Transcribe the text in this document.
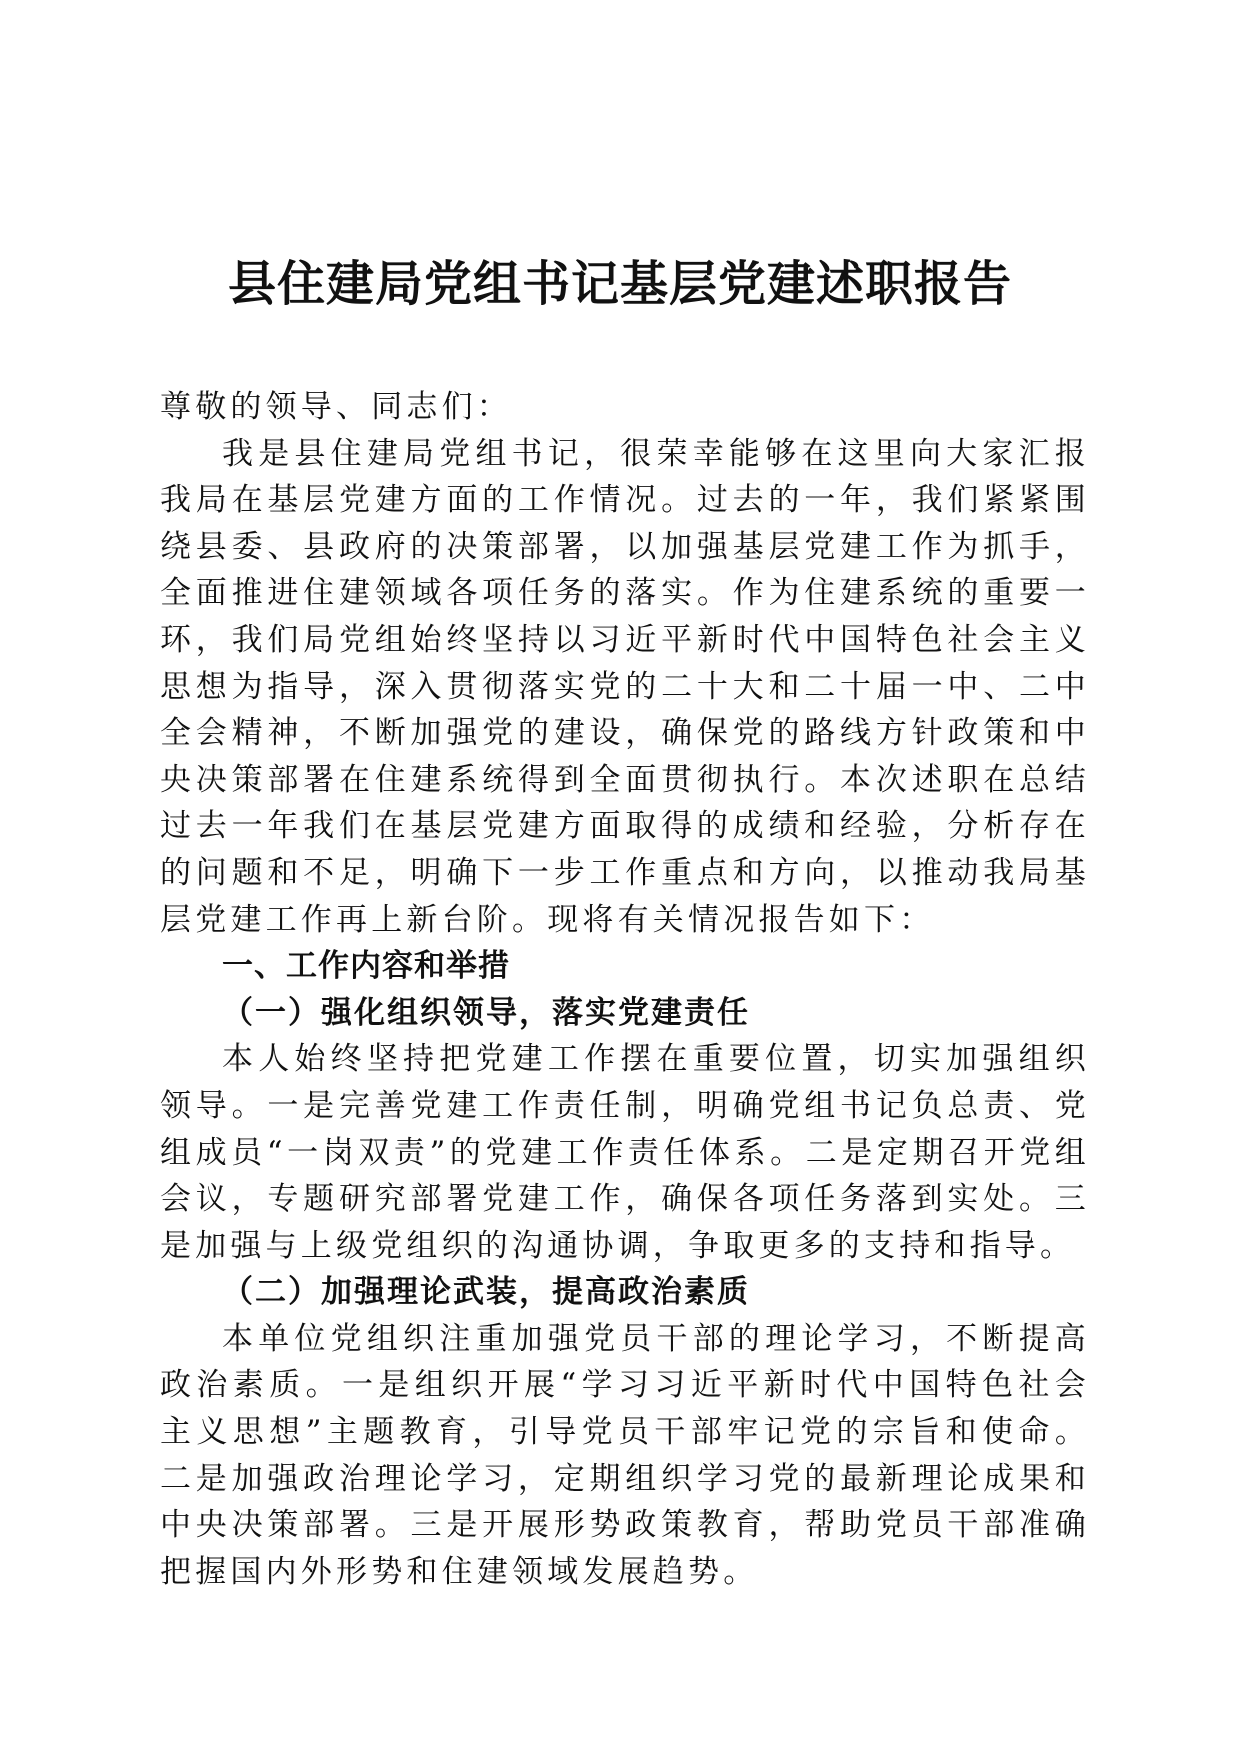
县住建局党组书记基层党建述职报告

尊敬的领导、同志们：

我是县住建局党组书记，很荣幸能够在这里向大家汇报我局在基层党建方面的工作情况。过去的一年，我们紧紧围绕县委、县政府的决策部署，以加强基层党建工作为抓手，全面推进住建领域各项任务的落实。作为住建系统的重要一环，我们局党组始终坚持以习近平新时代中国特色社会主义思想为指导，深入贯彻落实党的二十大和二十届一中、二中全会精神，不断加强党的建设，确保党的路线方针政策和中央决策部署在住建系统得到全面贯彻执行。本次述职在总结过去一年我们在基层党建方面取得的成绩和经验，分析存在的问题和不足，明确下一步工作重点和方向，以推动我局基层党建工作再上新台阶。现将有关情况报告如下：

一、工作内容和举措

（一）强化组织领导，落实党建责任

本人始终坚持把党建工作摆在重要位置，切实加强组织领导。一是完善党建工作责任制，明确党组书记负总责、党组成员“一岗双责”的党建工作责任体系。二是定期召开党组会议，专题研究部署党建工作，确保各项任务落到实处。三是加强与上级党组织的沟通协调，争取更多的支持和指导。

（二）加强理论武装，提高政治素质

本单位党组织注重加强党员干部的理论学习，不断提高政治素质。一是组织开展“学习习近平新时代中国特色社会主义思想”主题教育，引导党员干部牢记党的宗旨和使命。二是加强政治理论学习，定期组织学习党的最新理论成果和中央决策部署。三是开展形势政策教育，帮助党员干部准确把握国内外形势和住建领域发展趋势。
